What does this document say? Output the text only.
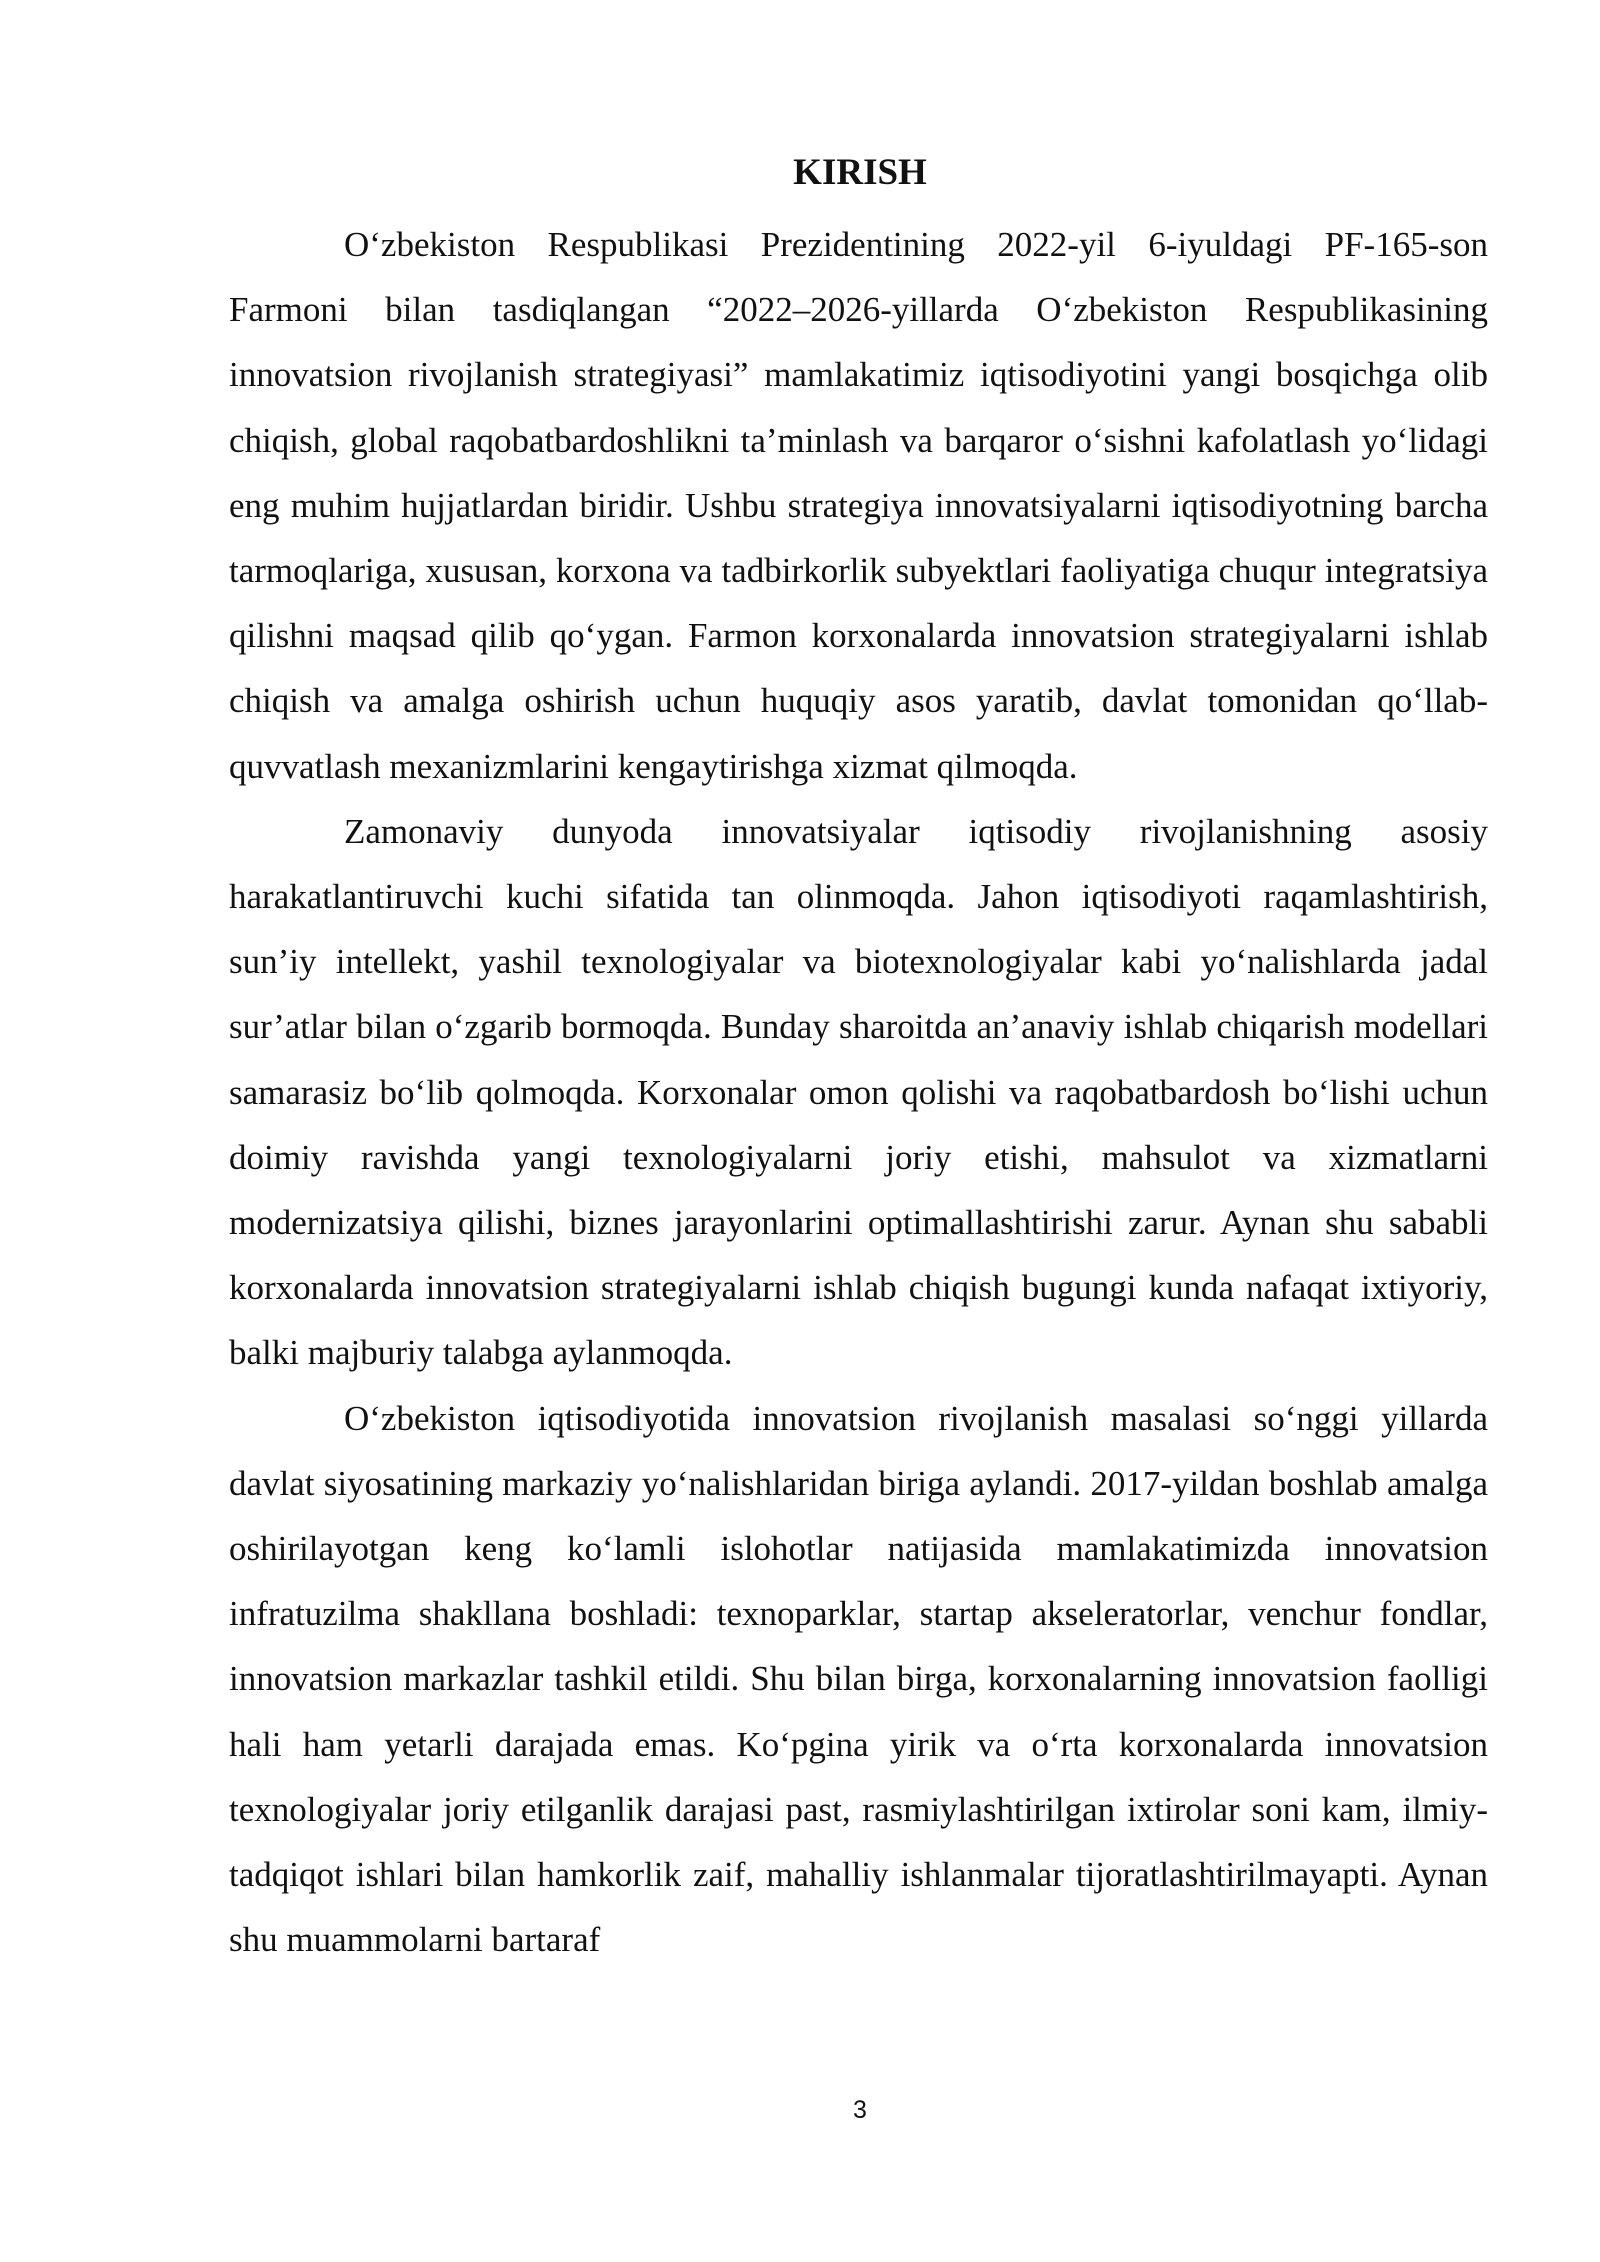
KIRISH

O‘zbekiston Respublikasi Prezidentining 2022-yil 6-iyuldagi PF-165-son Farmoni bilan tasdiqlangan “2022–2026-yillarda O‘zbekiston Respublikasining innovatsion rivojlanish strategiyasi” mamlakatimiz iqtisodiyotini yangi bosqichga olib chiqish, global raqobatbardoshlikni ta’minlash va barqaror o‘sishni kafolatlash yo‘lidagi eng muhim hujjatlardan biridir. Ushbu strategiya innovatsiyalarni iqtisodiyotning barcha tarmoqlariga, xususan, korxona va tadbirkorlik subyektlari faoliyatiga chuqur integratsiya qilishni maqsad qilib qo‘ygan. Farmon korxonalarda innovatsion strategiyalarni ishlab chiqish va amalga oshirish uchun huquqiy asos yaratib, davlat tomonidan qo‘llab-quvvatlash mexanizmlarini kengaytirishga xizmat qilmoqda.

Zamonaviy dunyoda innovatsiyalar iqtisodiy rivojlanishning asosiy harakatlantiruvchi kuchi sifatida tan olinmoqda. Jahon iqtisodiyoti raqamlashtirish, sun’iy intellekt, yashil texnologiyalar va biotexnologiyalar kabi yo‘nalishlarda jadal sur’atlar bilan o‘zgarib bormoqda. Bunday sharoitda an’anaviy ishlab chiqarish modellari samarasiz bo‘lib qolmoqda. Korxonalar omon qolishi va raqobatbardosh bo‘lishi uchun doimiy ravishda yangi texnologiyalarni joriy etishi, mahsulot va xizmatlarni modernizatsiya qilishi, biznes jarayonlarini optimallashtirishi zarur. Aynan shu sababli korxonalarda innovatsion strategiyalarni ishlab chiqish bugungi kunda nafaqat ixtiyoriy, balki majburiy talabga aylanmoqda.

O‘zbekiston iqtisodiyotida innovatsion rivojlanish masalasi so‘nggi yillarda davlat siyosatining markaziy yo‘nalishlaridan biriga aylandi. 2017-yildan boshlab amalga oshirilayotgan keng ko‘lamli islohotlar natijasida mamlakatimizda innovatsion infratuzilma shakllana boshladi: texnoparklar, startap akseleratorlar, venchur fondlar, innovatsion markazlar tashkil etildi. Shu bilan birga, korxonalarning innovatsion faolligi hali ham yetarli darajada emas. Ko‘pgina yirik va o‘rta korxonalarda innovatsion texnologiyalar joriy etilganlik darajasi past, rasmiylashtirilgan ixtirolar soni kam, ilmiy-tadqiqot ishlari bilan hamkorlik zaif, mahalliy ishlanmalar tijoratlashtirilmayapti. Aynan shu muammolarni bartaraf

3
